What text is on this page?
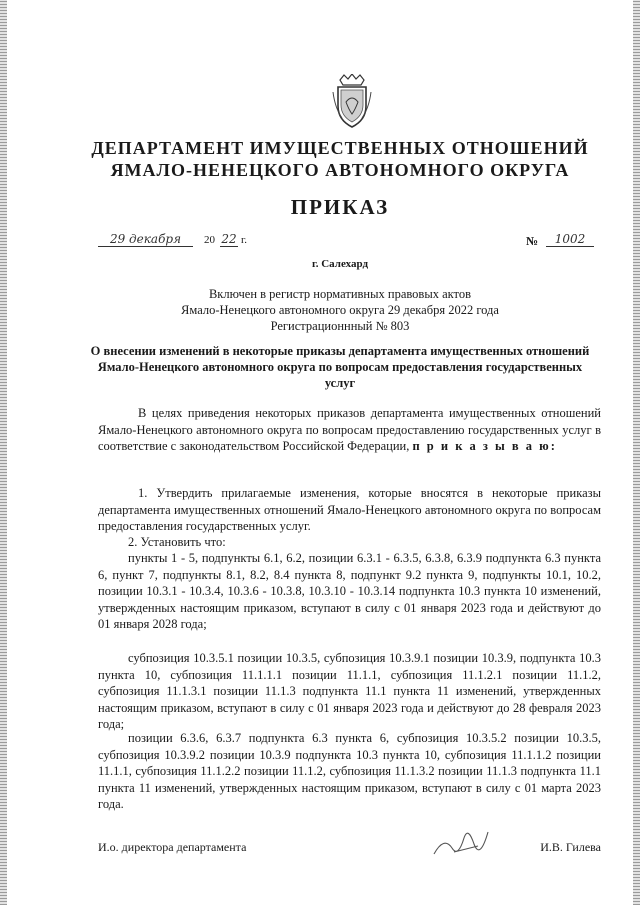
ДЕПАРТАМЕНТ ИМУЩЕСТВЕННЫХ ОТНОШЕНИЙ
ЯМАЛО-НЕНЕЦКОГО АВТОНОМНОГО ОКРУГА
ПРИКАЗ
29 декабря	20 22 г.	№	1002
г. Салехард
Включен в регистр нормативных правовых актов
Ямало-Ненецкого автономного округа 29 декабря 2022 года
Регистрационнный № 803
О внесении изменений в некоторые приказы департамента имущественных отношений Ямало-Ненецкого автономного округа по вопросам предоставления государственных услуг

В целях приведения некоторых приказов департамента имущественных отношений Ямало-Ненецкого автономного округа по вопросам предоставлению государственных услуг в соответствие с законодательством Российской Федерации, п р и к а з ы в а ю:

1. Утвердить прилагаемые изменения, которые вносятся в некоторые приказы департамента имущественных отношений Ямало-Ненецкого автономного округа по вопросам предоставления государственных услуг.

2. Установить что:

пункты 1 - 5, подпункты 6.1, 6.2, позиции 6.3.1 - 6.3.5, 6.3.8, 6.3.9 подпункта 6.3 пункта 6, пункт 7, подпункты 8.1, 8.2, 8.4 пункта 8, подпункт 9.2 пункта 9, подпункты 10.1, 10.2, позиции 10.3.1 - 10.3.4, 10.3.6 - 10.3.8, 10.3.10 - 10.3.14 подпункта 10.3 пункта 10 изменений, утвержденных настоящим приказом, вступают в силу с 01 января 2023 года и действуют до 01 января 2028 года;

субпозиция 10.3.5.1 позиции 10.3.5, субпозиция 10.3.9.1 позиции 10.3.9, подпункта 10.3 пункта 10, субпозиция 11.1.1.1 позиции 11.1.1, субпозиция 11.1.2.1 позиции 11.1.2, субпозиция 11.1.3.1 позиции 11.1.3 подпункта 11.1 пункта 11 изменений, утвержденных настоящим приказом, вступают в силу с 01 января 2023 года и действуют до 28 февраля 2023 года;

позиции 6.3.6, 6.3.7 подпункта 6.3 пункта 6, субпозиция 10.3.5.2 позиции 10.3.5, субпозиция 10.3.9.2 позиции 10.3.9 подпункта 10.3 пункта 10, субпозиция 11.1.1.2 позиции 11.1.1, субпозиция 11.1.2.2 позиции 11.1.2, субпозиция 11.1.3.2 позиции 11.1.3 подпункта 11.1 пункта 11 изменений, утвержденных настоящим приказом, вступают в силу с 01 марта 2023 года.

И.о. директора департамента	И.В. Гилева
